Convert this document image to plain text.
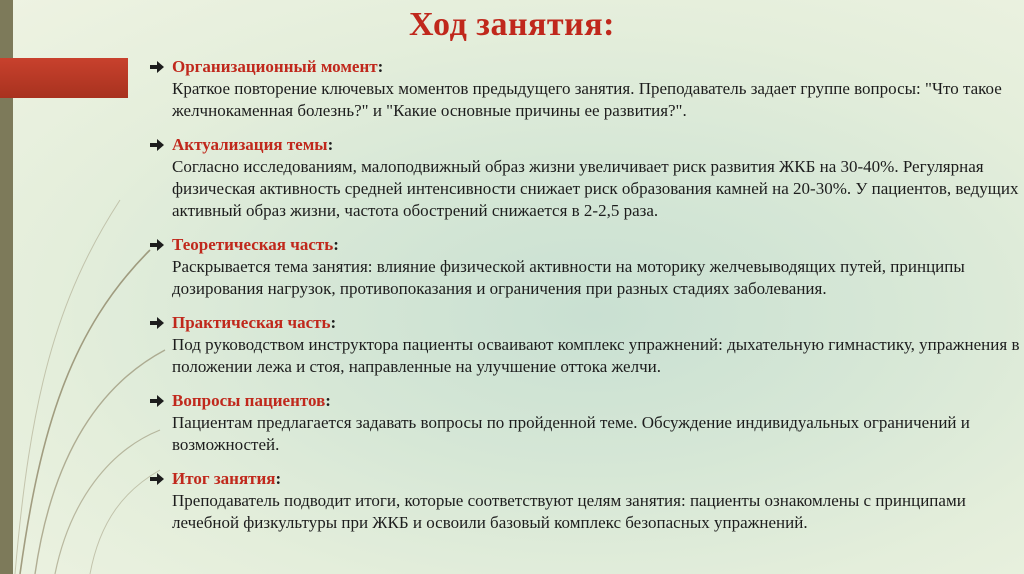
Ход занятия:
Организационный момент:
Краткое повторение ключевых моментов предыдущего занятия. Преподаватель задает группе вопросы: "Что такое желчнокаменная болезнь?" и "Какие основные причины ее развития?".
Актуализация темы:
Согласно исследованиям, малоподвижный образ жизни увеличивает риск развития ЖКБ на 30-40%. Регулярная физическая активность средней интенсивности снижает риск образования камней на 20-30%. У пациентов, ведущих активный образ жизни, частота обострений снижается в 2-2,5 раза.
Теоретическая часть:
Раскрывается тема занятия: влияние физической активности на моторику желчевыводящих путей, принципы дозирования нагрузок, противопоказания и ограничения при разных стадиях заболевания.
Практическая часть:
Под руководством инструктора пациенты осваивают комплекс упражнений: дыхательную гимнастику, упражнения в положении лежа и стоя, направленные на улучшение оттока желчи.
Вопросы пациентов:
Пациентам предлагается задавать вопросы по пройденной теме. Обсуждение индивидуальных ограничений и возможностей.
Итог занятия:
Преподаватель подводит итоги, которые соответствуют целям занятия: пациенты ознакомлены с принципами лечебной физкультуры при ЖКБ и освоили базовый комплекс безопасных упражнений.
